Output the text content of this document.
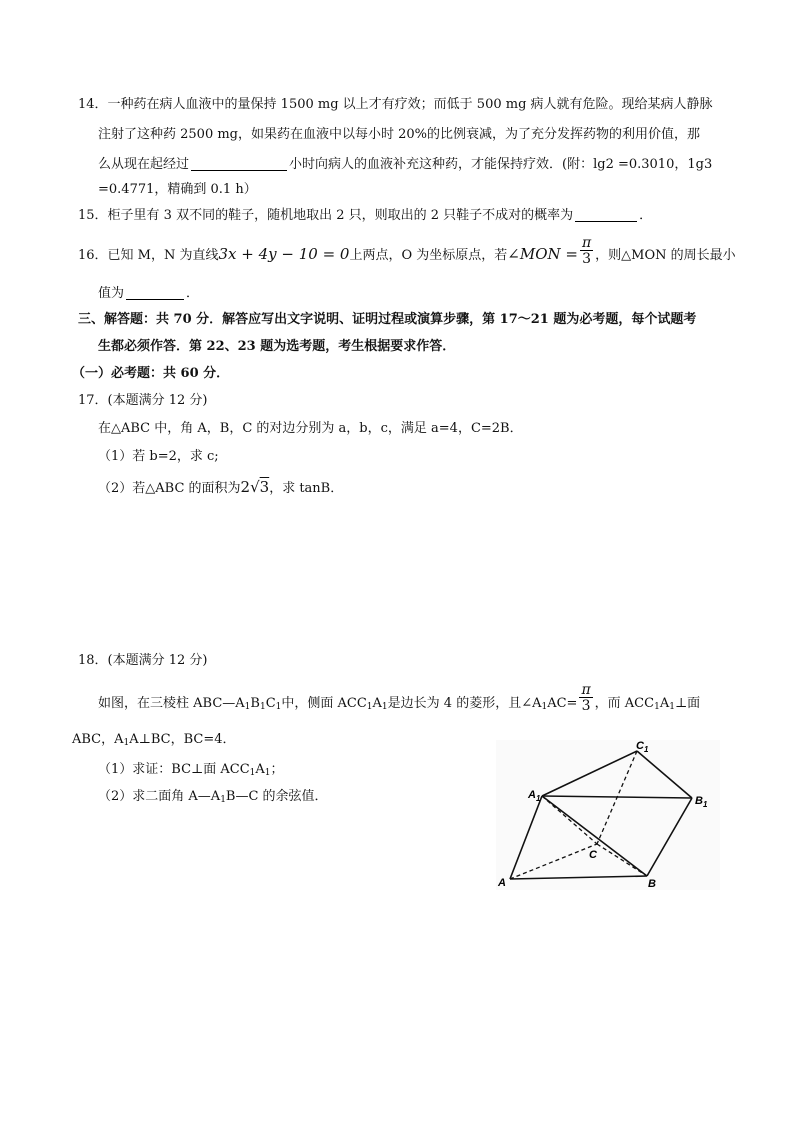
14．一种药在病人血液中的量保持 1500 mg 以上才有疗效；而低于 500 mg 病人就有危险。现给某病人静脉
注射了这种药 2500 mg，如果药在血液中以每小时 20%的比例衰减，为了充分发挥药物的利用价值，那
么从现在起经过	小时向病人的血液补充这种药，才能保持疗效．(附：lg2 =0.3010，1g3
=0.4771，精确到 0.1 h）
15．柜子里有 3 双不同的鞋子，随机地取出 2 只，则取出的 2 只鞋子不成对的概率为	．
16．已知 M，N 为直线3x + 4y − 10 = 0上两点，O 为坐标原点，若∠MON = $\frac{\pi}{3}$ ，则△MON 的周长最小
值为	．
三、解答题：共 70 分．解答应写出文字说明、证明过程或演算步骤，第 17～21 题为必考题，每个试题考
生都必须作答．第 22、23 题为选考题，考生根据要求作答．
（一）必考题：共 60 分．
17．(本题满分 12 分)
在△ABC 中，角 A，B，C 的对边分别为 a，b，c，满足 a=4，C=2B．
（1）若 b=2，求 c;
（2）若△ABC 的面积为2√3，求 tanB．
18．(本题满分 12 分)
如图，在三棱柱 $ABC—A_1B_1C_1$中，侧面 $ACC_1A_1$是边长为 4 的菱形，且$\angle A_1AC= \frac{\pi}{3}$ ，而 $ACC_1A_1\perp$面
ABC，$A_1A\perp BC$，BC=4．
（1）求证：BC⊥面 $ACC_1A_1$；
（2）求二面角 $A—A_1B—C$ 的余弦值．
$C_1$
$A_1$	$B_1$
C
A	B
